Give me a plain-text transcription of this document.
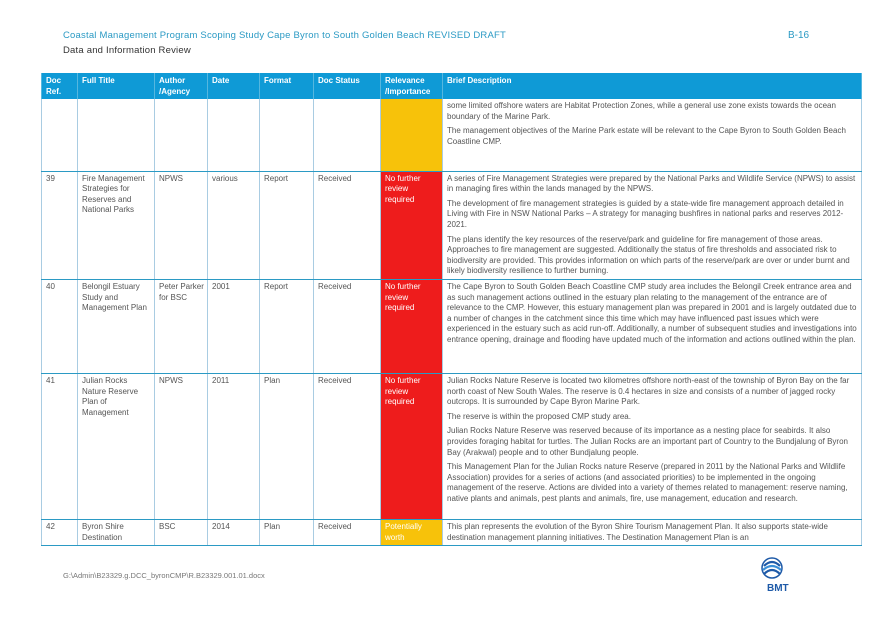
Coastal Management Program Scoping Study Cape Byron to South Golden Beach REVISED DRAFT	B-16
Data and Information Review
Doc Ref.	Full Title	Author /Agency	Date	Format	Doc Status	Relevance /Importance	Brief Description

							some limited offshore waters are Habitat Protection Zones, while a general use zone exists towards the ocean boundary of the Marine Park.

The management objectives of the Marine Park estate will be relevant to the Cape Byron to South Golden Beach Coastline CMP.

39	Fire Management Strategies for Reserves and National Parks	NPWS	various	Report	Received	No further review required	A series of Fire Management Strategies were prepared by the National Parks and Wildlife Service (NPWS) to assist in managing fires within the lands managed by the NPWS.

The development of fire management strategies is guided by a state-wide fire management approach detailed in Living with Fire in NSW National Parks – A strategy for managing bushfires in national parks and reserves 2012-2021.

The plans identify the key resources of the reserve/park and guideline for fire management of those areas. Approaches to fire management are suggested. Additionally the status of fire thresholds and associated risk to biodiversity are provided. This provides information on which parts of the reserve/park are over or under burnt and likely biodiversity resilience to further burning.

40	Belongil Estuary Study and Management Plan	Peter Parker for BSC	2001	Report	Received	No further review required	The Cape Byron to South Golden Beach Coastline CMP study area includes the Belongil Creek entrance area and as such management actions outlined in the estuary plan relating to the management of the entrance are of relevance to the CMP. However, this estuary management plan was prepared in 2001 and is largely outdated due to a number of changes in the catchment since this time which may have influenced past issues which were experienced in the estuary such as acid run-off. Additionally, a number of subsequent studies and investigations into entrance opening, drainage and flooding have updated much of the information and actions outlined within the plan.

41	Julian Rocks Nature Reserve Plan of Management	NPWS	2011	Plan	Received	No further review required	Julian Rocks Nature Reserve is located two kilometres offshore north-east of the township of Byron Bay on the far north coast of New South Wales. The reserve is 0.4 hectares in size and consists of a number of jagged rocky outcrops. It is surrounded by Cape Byron Marine Park.

The reserve is within the proposed CMP study area.

Julian Rocks Nature Reserve was reserved because of its importance as a nesting place for seabirds. It also provides foraging habitat for turtles. The Julian Rocks are an important part of Country to the Bundjalung of Byron Bay (Arakwal) people and to other Bundjalung people.

This Management Plan for the Julian Rocks nature Reserve (prepared in 2011 by the National Parks and Wildlife Association) provides for a series of actions (and associated priorities) to be implemented in the ongoing management of the reserve. Actions are divided into a variety of themes related to management: reserve naming, native plants and animals, pest plants and animals, fire, use management, education and research.

42	Byron Shire Destination	BSC	2014	Plan	Received	Potentially worth	This plan represents the evolution of the Byron Shire Tourism Management Plan. It also supports state-wide destination management planning initiatives. The Destination Management Plan is an

G:\Admin\B23329.g.DCC_byronCMP\R.B23329.001.01.docx
BMT
